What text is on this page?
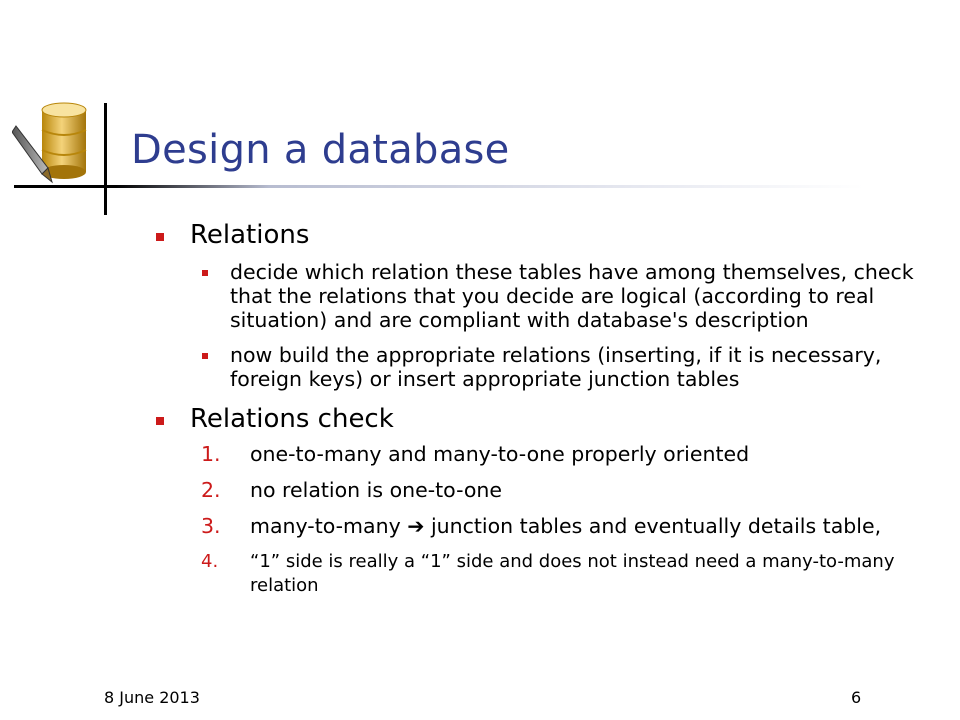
Design a database
Relations
decide which relation these tables have among themselves, check that the relations that you decide are logical (according to real situation) and are compliant with database's description
now build the appropriate relations (inserting, if it is necessary, foreign keys) or insert appropriate junction tables
Relations check
1. one-to-many and many-to-one properly oriented
2. no relation is one-to-one
3. many-to-many ➔ junction tables and eventually details table,
4. “1” side is really a “1” side and does not instead need a many-to-many relation
8 June 2013	6
